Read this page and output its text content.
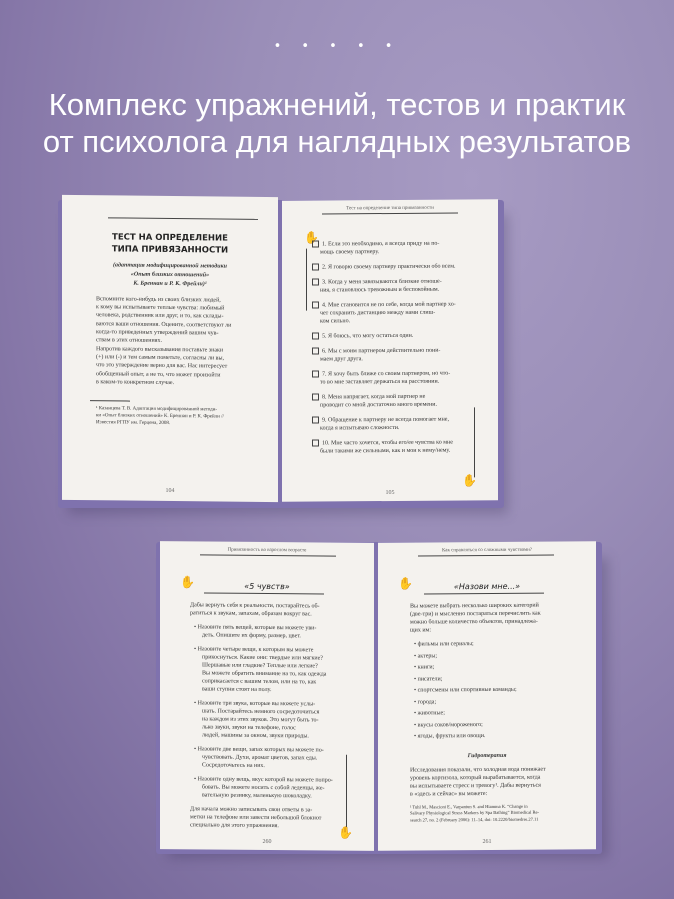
• • • • •
Комплекс упражнений, тестов и практик
от психолога для наглядных результатов
ТЕСТ НА ОПРЕДЕЛЕНИЕ
ТИПА ПРИВЯЗАННОСТИ
(адаптация модифицированной методики
«Опыт близких отношений»
К. Бреннан и Р. К. Фрейли)¹
104
Вспомните кого-нибудь из своих близких людей,
к кому вы испытываете теплые чувства: любимый
человека, родственник или друг, и то, как склады-
ваются ваши отношения. Оцените, соответствуют ли
когда-то приведенных утверждений вашим чув-
ствам в этих отношениях.
Напротив каждого высказывания поставьте знаки
(+) или (-) и тем самым пометьте, согласны ли вы,
что это утверждение верно для вас. Нас интересует
обобщенный опыт, а не то, что может произойти
в каком-то конкретном случае.
¹ Казанцева Т. В. Адаптация модифицированной методи-
ки «Опыт близких отношений» К. Бреннан и Р. К. Фрейли //
Известия РГПУ им. Герцена, 2008.
Тест на определение типа привязанности
✋
✋
105
1. Если это необходимо, я всегда приду на по-
мощь своему партнеру.
2. Я говорю своему партнеру практически обо всем.
3. Когда у меня завязываются близкие отноше-
ния, я становлюсь тревожным и беспокойным.
4. Мне становится не по себе, когда мой партнер хо-
чет сохранить дистанцию между нами слиш-
ком сильно.
5. Я боюсь, что могу остаться один.
6. Мы с моим партнером действительно пони-
маем друг друга.
7. Я хочу быть ближе со своим партнером, но что-
то во мне заставляет держаться на расстоянии.
8. Меня напрягает, когда мой партнер не
проводит со мной достаточно много времени.
9. Обращение к партнеру не всегда помогает мне,
когда я испытываю сложности.
10. Мне часто хочется, чтобы его/ее чувства ко мне
были такими же сильными, как и мои к нему/нему.
Привязанность во взрослом возрасте
✋	«5 чувств»
✋
260
Дабы вернуть себя к реальности, постарайтесь об-
ратиться к звукам, запахам, образам вокруг вас.
• Назовите пять вещей, которые вы можете уви-
деть. Опишите их форму, размер, цвет.
• Назовите четыре вещи, к которым вы можете
прикоснуться. Какие они: твердые или мягкие?
Шершавые или гладкие? Теплые или легкие?
Вы можете обратить внимание на то, как одежда
соприкасается с вашим телом, или на то, как
ваши ступни стоят на полу.
• Назовите три звука, которые вы можете услы-
шать. Постарайтесь немного сосредоточиться
на каждом из этих звуков. Это могут быть то-
лько звуки, звуки на телефоне, голос
людей, машины за окном, звуки природы.
• Назовите две вещи, запах которых вы можете по-
чувствовать. Духи, аромат цветов, запах еды.
Сосредоточьтесь на них.
• Назовите одну вещь, вкус которой вы можете попро-
бовать. Вы можете носить с собой леденцы, же-
вательную резинку, маленькую шоколадку.
Для начала можно записывать свои ответы в за-
метки на телефоне или завести небольшой блокнот
специально для этого упражнения.
Как справляться со сложными чувствами?
✋	«Назови мне...»
261
Вы можете выбрать несколько широких категорий
(две-три) и мысленно постараться перечислить как
можно больше количество объектов, принадлежа-
щих им:
• фильмы или сериалы;
• актеры;
• книги;
• писатели;
• спортсмены или спортивные команды;
• города;
• животные;
• вкусы соков/мороженого;
• ягоды, фрукты или овощи.
Гидротерапия
Исследования показали, что холодная вода понижает
уровень кортизола, который вырабатывается, когда
вы испытываете стресс и тревогу¹. Дабы вернуться
в «здесь и сейчас» вы можете:
¹ Tuhl M., Mascioni E., Varpaniun S. and Hiamma K. “Change in
Salivary Physiological Stress Markers by Spa Bathing” Biomedical Re-
search 27, no. 2 (February 2006): 11–14, doi: 10.2220/biomedres.27.11
